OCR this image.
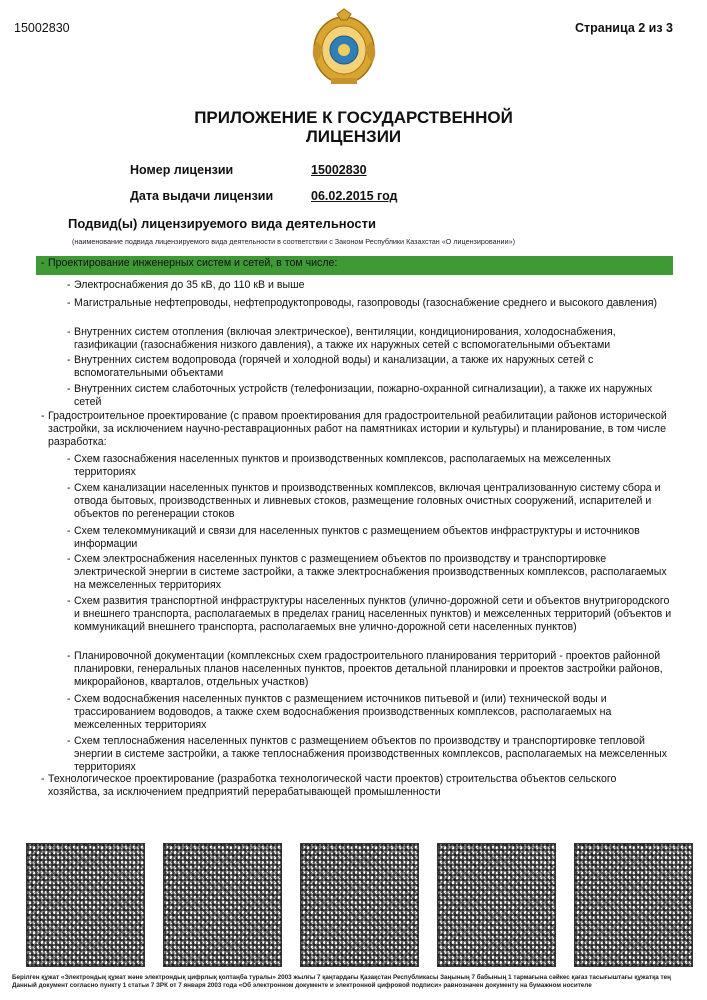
15002830	Страница 2 из 3
ПРИЛОЖЕНИЕ К ГОСУДАРСТВЕННОЙ
ЛИЦЕНЗИИ
Номер лицензии	15002830
Дата выдачи лицензии	06.02.2015 год
Подвид(ы) лицензируемого вида деятельности
(наименование подвида лицензируемого вида деятельности в соответствии с Законом Республики Казахстан «О лицензировании»)
- Проектирование инженерных систем и сетей, в том числе:
- Электроснабжения до 35 кВ, до 110 кВ и выше
- Магистральные нефтепроводы, нефтепродуктопроводы, газопроводы (газоснабжение среднего и высокого давления)
- Внутренних систем отопления (включая электрическое), вентиляции, кондиционирования, холодоснабжения, газификации (газоснабжения низкого давления), а также их наружных сетей с вспомогательными объектами
- Внутренних систем водопровода (горячей и холодной воды) и канализации, а также их наружных сетей с вспомогательными объектами
- Внутренних систем слаботочных устройств (телефонизации, пожарно-охранной сигнализации), а также их наружных сетей
- Градостроительное проектирование (с правом проектирования для градостроительной реабилитации районов исторической застройки, за исключением научно-реставрационных работ на памятниках истории и культуры) и планирование, в том числе разработка:
- Схем газоснабжения населенных пунктов и производственных комплексов, располагаемых на межселенных территориях
- Схем канализации населенных пунктов и производственных комплексов, включая централизованную систему сбора и отвода бытовых, производственных и ливневых стоков, размещение головных очистных сооружений, испарителей и объектов по регенерации стоков
- Схем телекоммуникаций и связи для населенных пунктов с размещением объектов инфраструктуры и источников информации
- Схем электроснабжения населенных пунктов с размещением объектов по производству и транспортировке электрической энергии в системе застройки, а также электроснабжения производственных комплексов, располагаемых на межселенных территориях
- Схем развития транспортной инфраструктуры населенных пунктов (улично-дорожной сети и объектов внутригородского и внешнего транспорта, располагаемых в пределах границ населенных пунктов) и межселенных территорий (объектов и коммуникаций внешнего транспорта, располагаемых вне улично-дорожной сети населенных пунктов)
- Планировочной документации (комплексных схем градостроительного планирования территорий - проектов районной планировки, генеральных планов населенных пунктов, проектов детальной планировки и проектов застройки районов, микрорайонов, кварталов, отдельных участков)
- Схем водоснабжения населенных пунктов с размещением источников питьевой и (или) технической воды и трассированием водоводов, а также схем водоснабжения производственных комплексов, располагаемых на межселенных территориях
- Схем теплоснабжения населенных пунктов с размещением объектов по производству и транспортировке тепловой энергии в системе застройки, а также теплоснабжения производственных комплексов, располагаемых на межселенных территориях
- Технологическое проектирование (разработка технологической части проектов) строительства объектов сельского хозяйства, за исключением предприятий перерабатывающей промышленности
Берілген құжат «Электрондық құжат және электрондық цифрлық қолтаңба туралы» 2003 жылғы 7 қаңтардағы Қазақстан Республикасы Заңының 7 бабының 1 тармағына сәйкес қағаз тасығыштағы құжатқа тең
Данный документ согласно пункту 1 статьи 7 ЗРК от 7 января 2003 года «Об электронном документе и электронной цифровой подписи» равнозначен документу на бумажном носителе
